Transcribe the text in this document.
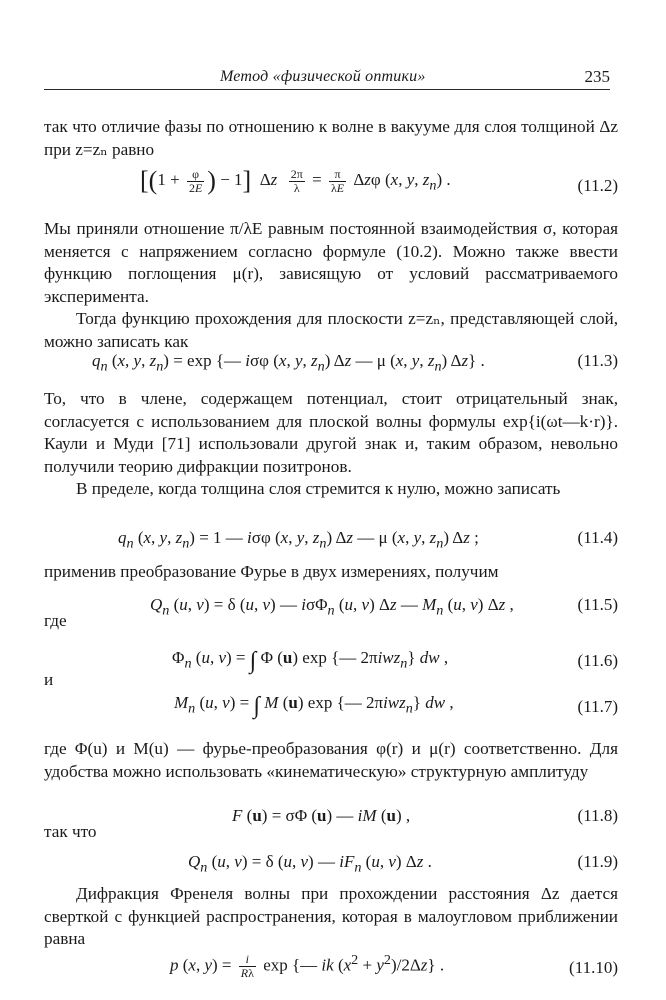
Метод «физической оптики»	235
так что отличие фазы по отношению к волне в вакууме для слоя толщиной Δz при z=zₙ равно
[($1 + \frac{\varphi}{2E}$ ) − 1]  Δz $\frac{2\pi}{\lambda} = \frac{\pi}{\lambda E}$ Δzφ (x, y, $z_n$) .	(11.2)
Мы приняли отношение π/λE равным постоянной взаимодействия σ, которая меняется с напряжением согласно формуле (10.2). Можно также ввести функцию поглощения μ(r), зависящую от условий рассматриваемого эксперимента.
Тогда функцию прохождения для плоскости z=zₙ, представляющей слой, можно записать как
$q_n$ (x, y, $z_n) = \exp$ {— iσφ (x, y, $z_n$) Δz — μ (x, y, $z_n$) Δz} .	(11.3)
То, что в члене, содержащем потенциал, стоит отрицательный знак, согласуется с использованием для плоской волны формулы exp{i(ωt—k·r)}. Каули и Муди [71] использовали другой знак и, таким образом, невольно получили теорию дифракции позитронов.
В пределе, когда толщина слоя стремится к нулю, можно записать
$q_n$ (x, y, $z_n) = 1$ — iσφ (x, y, $z_n$) Δz — μ (x, y, $z_n$) Δz ;	(11.4)
применив преобразование Фурье в двух измерениях, получим
$Q_n$ (u, v) = δ (u, v) — iσΦ$_n$ (u, v) Δz — $M_n$ (u, v) Δz ,	(11.5)
где
$\Phi_n$ (u, v) = ∫ Φ (u) exp {— 2πiwz$_n$} dw ,	(11.6)
и
$M_n$ (u, v) = ∫ M (u) exp {— 2πiwz$_n$} dw ,	(11.7)
где Φ(u) и M(u) — фурье-преобразования φ(r) и μ(r) соответственно. Для удобства можно использовать «кинематическую» структурную амплитуду
F (u) = σΦ (u) — iM (u) ,	(11.8)
так что
$Q_n$ (u, v) = δ (u, v) — $iF_n$ (u, v) Δz .	(11.9)
Дифракция Френеля волны при прохождении расстояния Δz дается сверткой с функцией распространения, которая в малоугловом приближении равна
p (x, $y) = \frac{i}{R\lambda}$ exp {— ik $(x^2 + y^2)/2\Delta z$} .	(11.10)
